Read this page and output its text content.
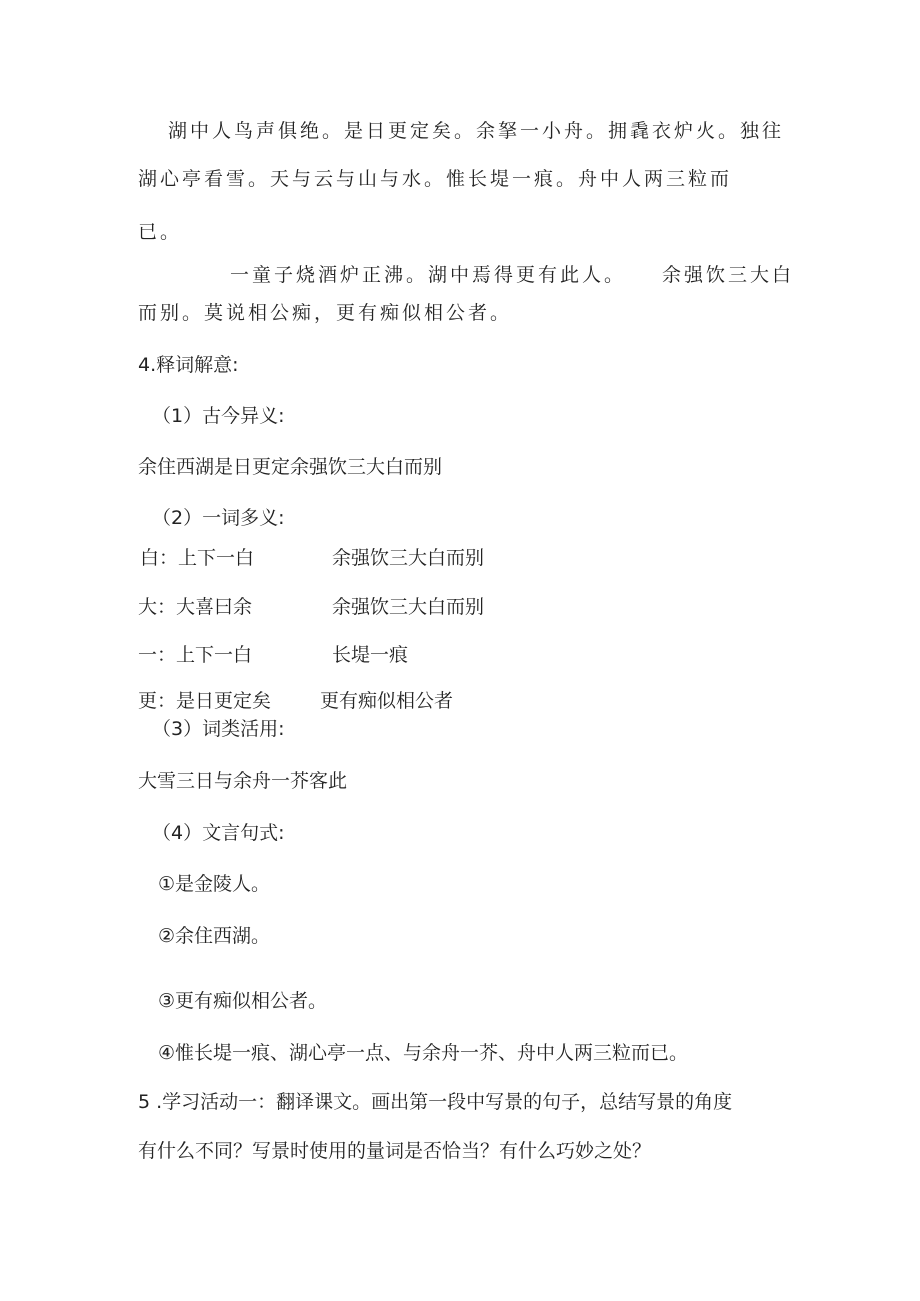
湖中人鸟声俱绝。是日更定矣。余拏一小舟。拥毳衣炉火。独往
湖心亭看雪。天与云与山与水。惟长堤一痕。舟中人两三粒而
已。
一童子烧酒炉正沸。湖中焉得更有此人。 余强饮三大白
而别。莫说相公痴，更有痴似相公者。
4.释词解意:
（1）古今异义:
余住西湖是日更定余强饮三大白而别
（2）一词多义:
白：上下一白	余强饮三大白而别
大：大喜曰余	余强饮三大白而别
一：上下一白	长堤一痕
更：是日更定矣	更有痴似相公者
（3）词类活用:
大雪三日与余舟一芥客此
（4）文言句式:
①是金陵人。
②余住西湖。
③更有痴似相公者。
④惟长堤一痕、湖心亭一点、与余舟一芥、舟中人两三粒而已。
5 .学习活动一：翻译课文。画出第一段中写景的句子，总结写景的角度
有什么不同？写景时使用的量词是否恰当？有什么巧妙之处？
